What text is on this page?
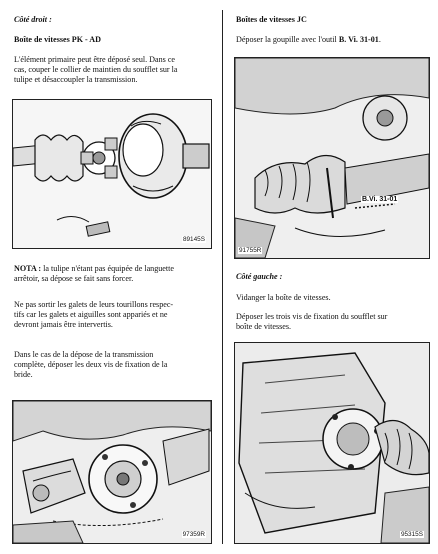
Côté droit :
Boîte de vitesses PK - AD
L'élément primaire peut être déposé seul. Dans ce
cas, couper le collier de maintien du soufflet sur la
tulipe et désaccoupler la transmission.
89145S
NOTA : la tulipe n'étant pas équipée de languette
arrêtoir, sa dépose se fait sans forcer.
Ne pas sortir les galets de leurs tourillons respec-
tifs car les galets et aiguilles sont appariés et ne
devront jamais être intervertis.
Dans le cas de la dépose de la transmission
complète, déposer les deux vis de fixation de la
bride.
97359R
Boîtes de vitesses JC
Déposer la goupille avec l'outil B. Vi. 31-01.
B.Vi. 31-01
91755R
Côté gauche :
Vidanger la boîte de vitesses.
Déposer les trois vis de fixation du soufflet sur
boîte de vitesses.
95315S
